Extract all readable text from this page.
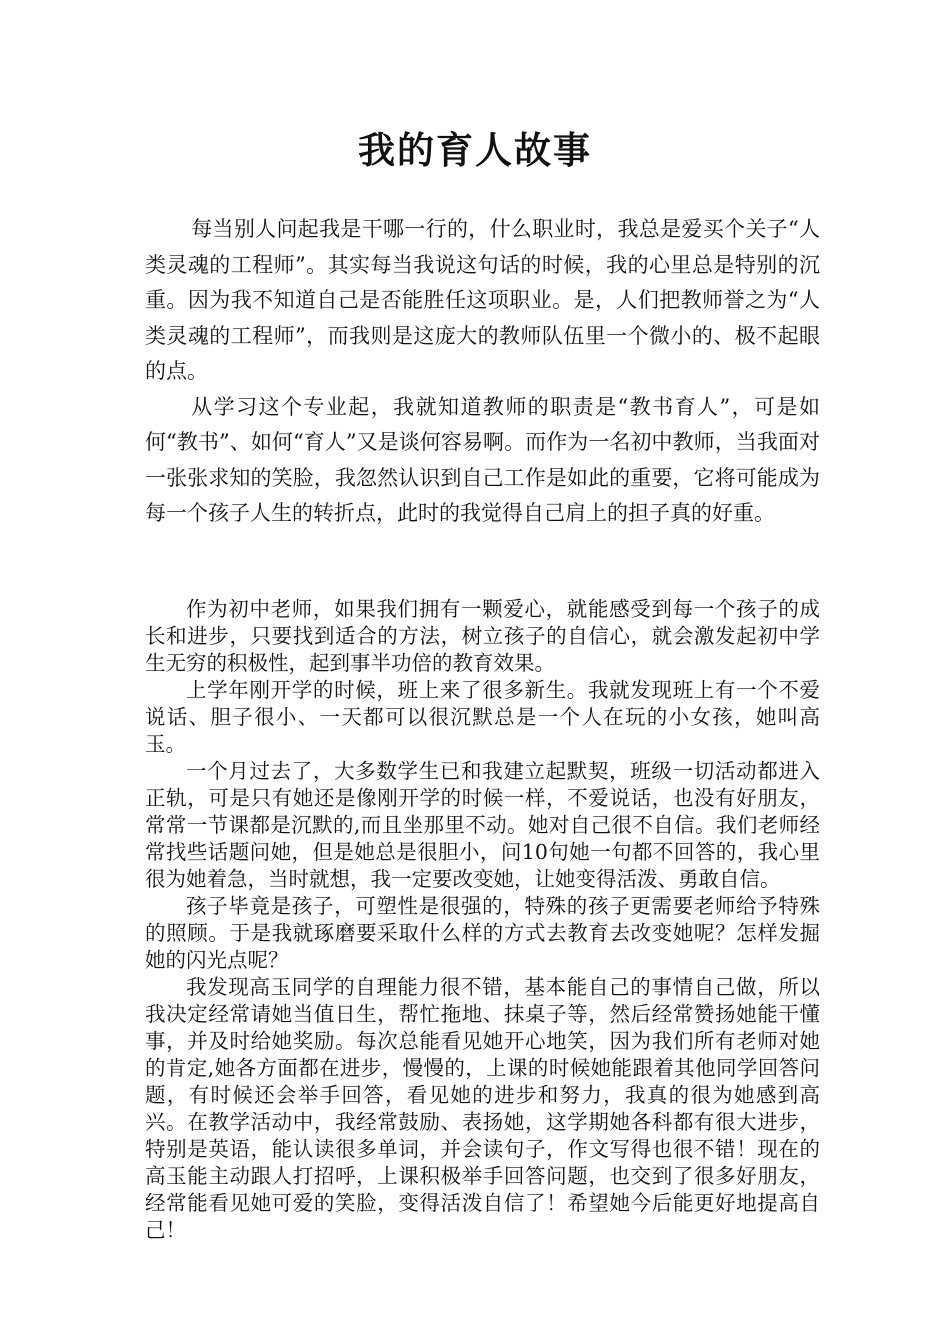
我的育人故事

每当别人问起我是干哪一行的，什么职业时，我总是爱买个关子“人类灵魂的工程师”。其实每当我说这句话的时候，我的心里总是特别的沉重。因为我不知道自己是否能胜任这项职业。是，人们把教师誉之为“人类灵魂的工程师”，而我则是这庞大的教师队伍里一个微小的、极不起眼的点。

从学习这个专业起，我就知道教师的职责是“教书育人”，可是如何“教书”、如何“育人”又是谈何容易啊。而作为一名初中教师，当我面对一张张求知的笑脸，我忽然认识到自己工作是如此的重要，它将可能成为每一个孩子人生的转折点，此时的我觉得自己肩上的担子真的好重。

作为初中老师，如果我们拥有一颗爱心，就能感受到每一个孩子的成长和进步，只要找到适合的方法，树立孩子的自信心，就会激发起初中学生无穷的积极性，起到事半功倍的教育效果。

上学年刚开学的时候，班上来了很多新生。我就发现班上有一个不爱说话、胆子很小、一天都可以很沉默总是一个人在玩的小女孩，她叫高玉。

一个月过去了，大多数学生已和我建立起默契，班级一切活动都进入正轨，可是只有她还是像刚开学的时候一样，不爱说话，也没有好朋友，常常一节课都是沉默的,而且坐那里不动。她对自己很不自信。我们老师经常找些话题问她，但是她总是很胆小，问10句她一句都不回答的，我心里很为她着急，当时就想，我一定要改变她，让她变得活泼、勇敢自信。

孩子毕竟是孩子，可塑性是很强的，特殊的孩子更需要老师给予特殊的照顾。于是我就琢磨要采取什么样的方式去教育去改变她呢？怎样发掘她的闪光点呢？

我发现高玉同学的自理能力很不错，基本能自己的事情自己做，所以我决定经常请她当值日生，帮忙拖地、抹桌子等，然后经常赞扬她能干懂事，并及时给她奖励。每次总能看见她开心地笑，因为我们所有老师对她的肯定,她各方面都在进步，慢慢的，上课的时候她能跟着其他同学回答问题，有时候还会举手回答，看见她的进步和努力，我真的很为她感到高兴。在教学活动中，我经常鼓励、表扬她，这学期她各科都有很大进步，特别是英语，能认读很多单词，并会读句子，作文写得也很不错！现在的高玉能主动跟人打招呼，上课积极举手回答问题，也交到了很多好朋友，经常能看见她可爱的笑脸，变得活泼自信了！希望她今后能更好地提高自己！
